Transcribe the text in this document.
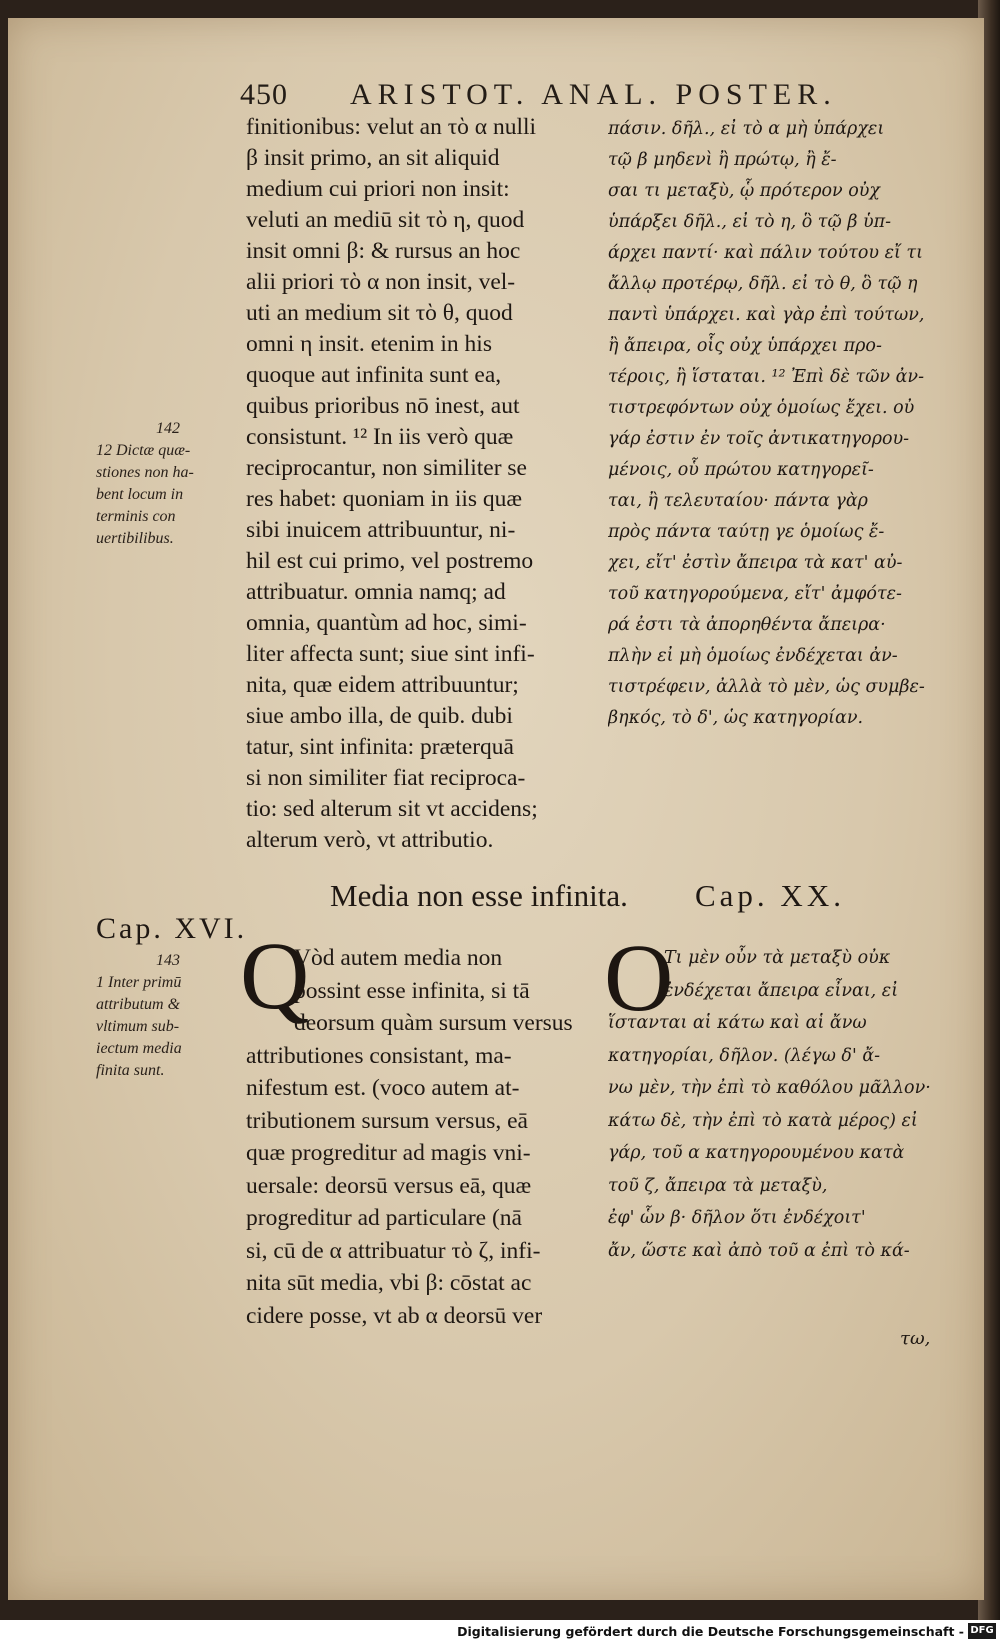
450 ARISTOT. ANAL. POSTER.
finitionibus: velut an τὸ α nulli
β insit primo, an sit aliquid
medium cui priori non insit:
veluti an mediū sit τὸ η, quod
insit omni β: & rursus an hoc
alii priori τὸ α non insit, vel-
uti an medium sit τὸ θ, quod
omni η insit. etenim in his
quoque aut infinita sunt ea,
quibus prioribus nō inest, aut
consistunt. ¹² In iis verò quæ
reciprocantur, non similiter se
res habet: quoniam in iis quæ
sibi inuicem attribuuntur, ni-
hil est cui primo, vel postremo
attribuatur. omnia namq; ad
omnia, quantùm ad hoc, simi-
liter affecta sunt; siue sint infi-
nita, quæ eidem attribuuntur;
siue ambo illa, de quib. dubi
tatur, sint infinita: præterquā
si non similiter fiat reciproca-
tio: sed alterum sit vt accidens;
alterum verò, vt attributio.
πάσιν. δῆλ., εἰ τὸ α μὴ ὑπάρχει
τῷ β μηδενὶ ἢ πρώτῳ, ἢ ἔ-
σαι τι μεταξὺ, ᾧ πρότερον οὐχ
ὑπάρξει δῆλ., εἰ τὸ η, ὃ τῷ β ὑπ-
άρχει παντί· καὶ πάλιν τούτου εἴ τι
ἄλλῳ προτέρῳ, δῆλ. εἰ τὸ θ, ὃ τῷ η
παντὶ ὑπάρχει. καὶ γὰρ ἐπὶ τούτων,
ἢ ἄπειρα, οἷς οὐχ ὑπάρχει προ-
τέροις, ἢ ἵσταται. ¹² Ἐπὶ δὲ τῶν ἀν-
τιστρεφόντων οὐχ ὁμοίως ἔχει. οὐ
γάρ ἐστιν ἐν τοῖς ἀντικατηγορου-
μένοις, οὗ πρώτου κατηγορεῖ-
ται, ἢ τελευταίου· πάντα γὰρ
πρὸς πάντα ταύτῃ γε ὁμοίως ἔ-
χει, εἴτ' ἐστὶν ἄπειρα τὰ κατ' αὐ-
τοῦ κατηγορούμενα, εἴτ' ἀμφότε-
ρά ἐστι τὰ ἀπορηθέντα ἄπειρα·
πλὴν εἰ μὴ ὁμοίως ἐνδέχεται ἀν-
τιστρέφειν, ἀλλὰ τὸ μὲν, ὡς συμβε-
βηκός, τὸ δ', ὡς κατηγορίαν.
142
12 Dictæ quæ-
stiones non ha-
bent locum in
terminis con
uertibilibus.
Media non esse infinita. Cap. XX.
Cap. XVI.
143
1 Inter primū
attributum &
vltimum sub-
iectum media
finita sunt.
Q
Vòd autem media non
possint esse infinita, si tā
deorsum quàm sursum versus
attributiones consistant, ma-
nifestum est. (voco autem at-
tributionem sursum versus, eā
quæ progreditur ad magis vni-
uersale: deorsū versus eā, quæ
progreditur ad particulare (nā
si, cū de α attribuatur τὸ ζ, infi-
nita sūt media, vbi β: cōstat ac
cidere posse, vt ab α deorsū ver
Ο
Τι μὲν οὖν τὰ μεταξὺ οὐκ
ἐνδέχεται ἄπειρα εἶναι, εἰ
ἵστανται αἱ κάτω καὶ αἱ ἄνω
κατηγορίαι, δῆλον. (λέγω δ' ἄ-
νω μὲν, τὴν ἐπὶ τὸ καθόλου μᾶλλον·
κάτω δὲ, τὴν ἐπὶ τὸ κατὰ μέρος) εἰ
γάρ, τοῦ α κατηγορουμένου κατὰ
τοῦ ζ, ἄπειρα τὰ μεταξὺ,
ἐφ' ὧν β· δῆλον ὅτι ἐνδέχοιτ'
ἄν, ὥστε καὶ ἀπὸ τοῦ α ἐπὶ τὸ κά-
τω,
Digitalisierung gefördert durch die Deutsche Forschungsgemeinschaft - DFG
